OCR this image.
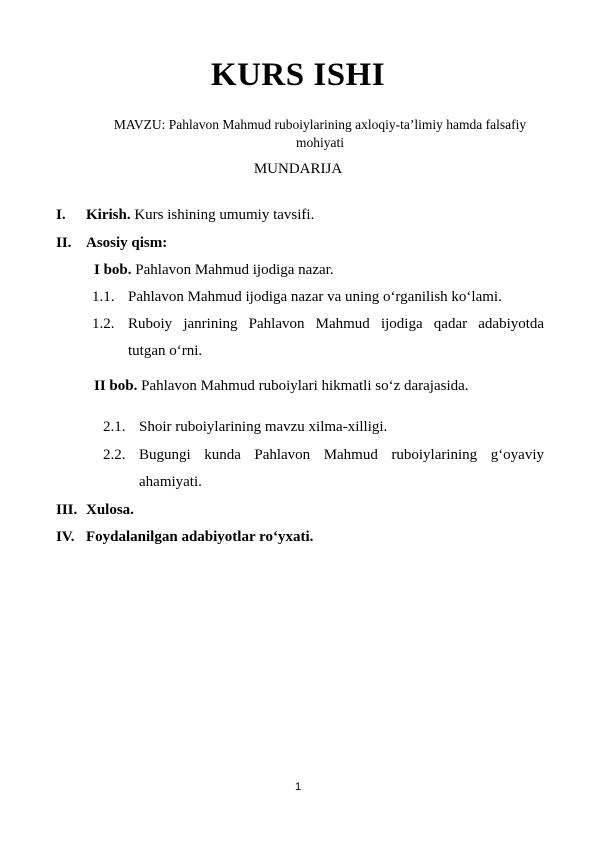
KURS ISHI
MAVZU: Pahlavon Mahmud ruboiylarining axloqiy-ta’limiy hamda falsafiy
mohiyati
MUNDARIJA
I. Kirish. Kurs ishining umumiy tavsifi.
II. Asosiy qism:
I bob. Pahlavon Mahmud ijodiga nazar.
1.1. Pahlavon Mahmud ijodiga nazar va uning o‘rganilish ko‘lami.
1.2. Ruboiy janrining Pahlavon Mahmud ijodiga qadar adabiyotda
tutgan o‘rni.
II bob. Pahlavon Mahmud ruboiylari hikmatli so‘z darajasida.
2.1. Shoir ruboiylarining mavzu xilma-xilligi.
2.2. Bugungi kunda Pahlavon Mahmud ruboiylarining g‘oyaviy
ahamiyati.
III. Xulosa.
IV. Foydalanilgan adabiyotlar ro‘yxati.
1
